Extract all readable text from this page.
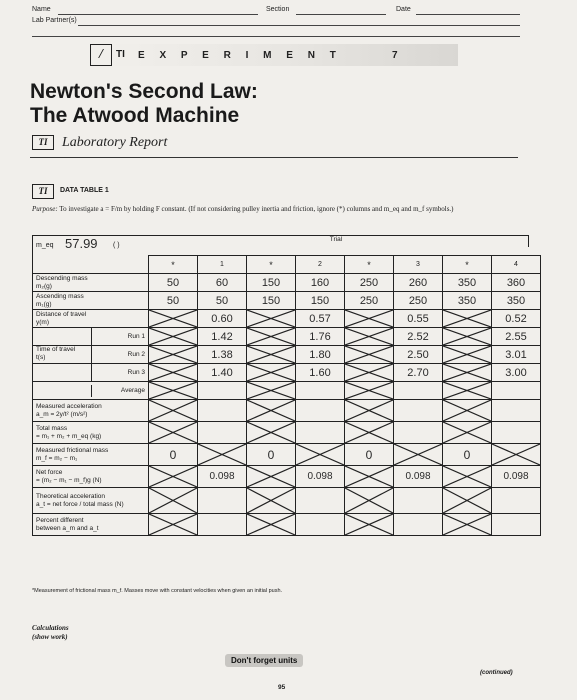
Name	Section	Date
Lab Partner(s)
/	TI E X P E R I M E N T	7
Newton's Second Law:
The Atwood Machine
TI	Laboratory Report
TI	DATA TABLE 1
Purpose: To investigate a = F/m by holding F constant. (If not considering pulley inertia and friction, ignore (*) columns and m_eq and m_f symbols.)
m_eq 57.99 ( )
Trial
	*	1	*	2	*	3	*	4
Descending mass
m₂(g)	50	60	150	160	250	260	350	360
Ascending mass
m₁(g)	50	50	150	150	250	250	350	350
Distance of travel
y(m)		0.60		0.57		0.55		0.52

Run 1		1.42		1.76		2.52		2.55

Time of travel
t(s) Run 2		1.38		1.80		2.50		3.01

Run 3		1.40		1.60		2.70		3.00

Average

Measured acceleration
a_m = 2y/t² (m/s²)	

Total mass
= m₁ + m₂ + m_eq (kg)	

Measured frictional mass
m_f = m₂ − m₁	0		0		0		0	

Net force
= (m₂ − m₁ − m_f)g (N)		0.098		0.098		0.098		0.098
Theoretical acceleration
a_t = net force / total mass (N)	

Percent different
between a_m and a_t	

*Measurement of frictional mass m_f. Masses move with constant velocities when given an initial push.
Calculations
(show work)
Don't forget units
(continued)
95
